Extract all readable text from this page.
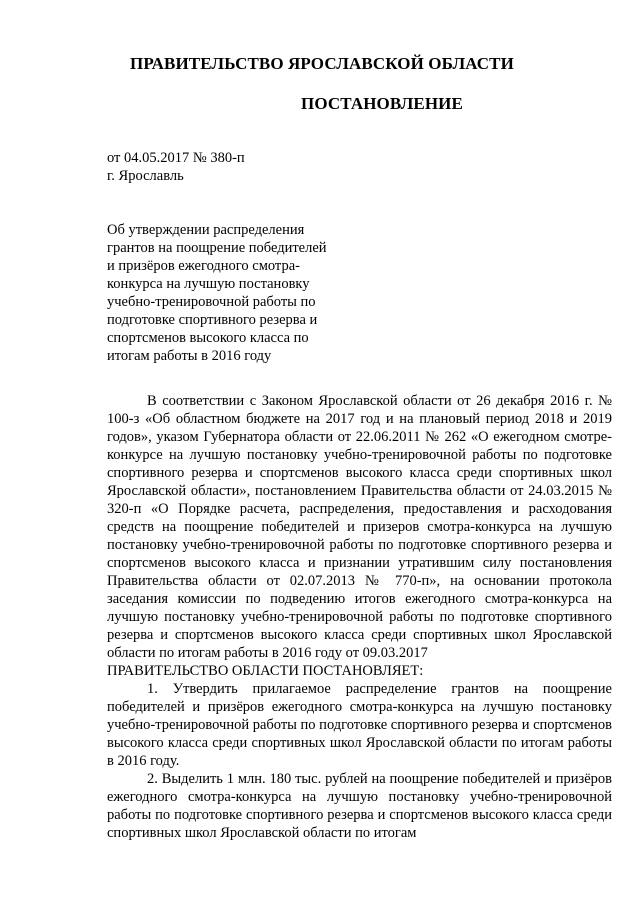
ПРАВИТЕЛЬСТВО ЯРОСЛАВСКОЙ ОБЛАСТИ
ПОСТАНОВЛЕНИЕ
от 04.05.2017 № 380-п
г. Ярославль
Об утверждении распределения
грантов на поощрение победителей
и призёров ежегодного смотра-
конкурса на лучшую постановку
учебно-тренировочной работы по
подготовке спортивного резерва и
спортсменов высокого класса по
итогам работы в 2016 году

В соответствии с Законом Ярославской области от 26 декабря 2016 г. № 100-з «Об областном бюджете на 2017 год и на плановый период 2018 и 2019 годов», указом Губернатора области от 22.06.2011 № 262 «О ежегодном смотре-конкурсе на лучшую постановку учебно-тренировочной работы по подготовке спортивного резерва и спортсменов высокого класса среди спортивных школ Ярославской области», постановлением Правительства области от 24.03.2015 № 320-п «О Порядке расчета, распределения, предоставления и расходования средств на поощрение победителей и призеров смотра-конкурса на лучшую постановку учебно-тренировочной работы по подготовке спортивного резерва и спортсменов высокого класса и признании утратившим силу постановления Правительства области от 02.07.2013 № 770-п», на основании протокола заседания комиссии по подведению итогов ежегодного смотра-конкурса на лучшую постановку учебно-тренировочной работы по подготовке спортивного резерва и спортсменов высокого класса среди спортивных школ Ярославской области по итогам работы в 2016 году от 09.03.2017

ПРАВИТЕЛЬСТВО ОБЛАСТИ ПОСТАНОВЛЯЕТ:

1. Утвердить прилагаемое распределение грантов на поощрение победителей и призёров ежегодного смотра-конкурса на лучшую постановку учебно-тренировочной работы по подготовке спортивного резерва и спортсменов высокого класса среди спортивных школ Ярославской области по итогам работы в 2016 году.

2. Выделить 1 млн. 180 тыс. рублей на поощрение победителей и призёров ежегодного смотра-конкурса на лучшую постановку учебно-тренировочной работы по подготовке спортивного резерва и спортсменов высокого класса среди спортивных школ Ярославской области по итогам
